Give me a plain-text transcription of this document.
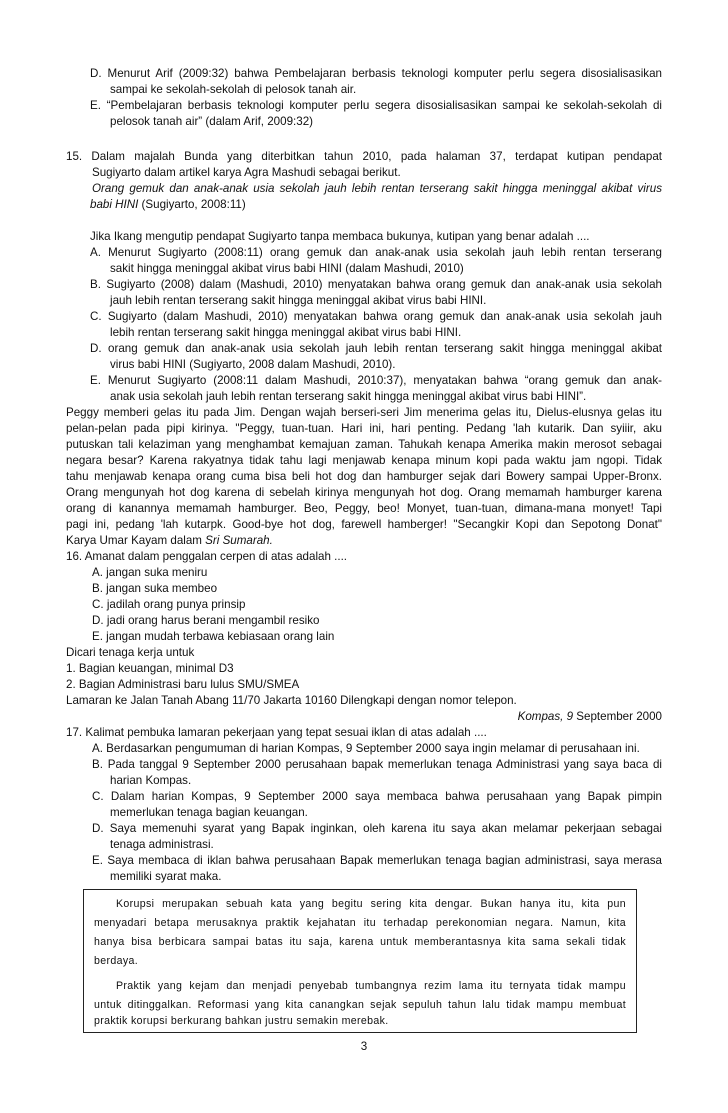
D. Menurut Arif (2009:32) bahwa Pembelajaran berbasis teknologi komputer perlu segera disosialisasikan
sampai ke sekolah-sekolah di pelosok tanah air.
E. “Pembelajaran berbasis teknologi komputer perlu segera disosialisasikan sampai ke sekolah-sekolah di
pelosok tanah air” (dalam Arif, 2009:32)
15. Dalam majalah Bunda yang diterbitkan tahun 2010, pada halaman 37, terdapat kutipan pendapat
Sugiyarto dalam artikel karya Agra Mashudi sebagai berikut.
Orang gemuk dan anak-anak usia sekolah jauh lebih rentan terserang sakit hingga meninggal akibat virus
babi HINI (Sugiyarto, 2008:11)
Jika Ikang mengutip pendapat Sugiyarto tanpa membaca bukunya, kutipan yang benar adalah ....
A. Menurut Sugiyarto (2008:11) orang gemuk dan anak-anak usia sekolah jauh lebih rentan terserang
sakit hingga meninggal akibat virus babi HINI (dalam Mashudi, 2010)
B. Sugiyarto (2008) dalam (Mashudi, 2010) menyatakan bahwa orang gemuk dan anak-anak usia sekolah
jauh lebih rentan terserang sakit hingga meninggal akibat virus babi HINI.
C. Sugiyarto (dalam Mashudi, 2010) menyatakan bahwa orang gemuk dan anak-anak usia sekolah jauh
lebih rentan terserang sakit hingga meninggal akibat virus babi HINI.
D. orang gemuk dan anak-anak usia sekolah jauh lebih rentan terserang sakit hingga meninggal akibat
virus babi HINI (Sugiyarto, 2008 dalam Mashudi, 2010).
E. Menurut Sugiyarto (2008:11 dalam Mashudi, 2010:37), menyatakan bahwa “orang gemuk dan anak-
anak usia sekolah jauh lebih rentan terserang sakit hingga meninggal akibat virus babi HINI”.
Peggy memberi gelas itu pada Jim. Dengan wajah berseri-seri Jim menerima gelas itu, Dielus-elusnya gelas itu
pelan-pelan pada pipi kirinya. "Peggy, tuan-tuan. Hari ini, hari penting. Pedang 'lah kutarik. Dan syiiir, aku
putuskan tali kelaziman yang menghambat kemajuan zaman. Tahukah kenapa Amerika makin merosot sebagai
negara besar? Karena rakyatnya tidak tahu lagi menjawab kenapa minum kopi pada waktu jam ngopi. Tidak
tahu menjawab kenapa orang cuma bisa beli hot dog dan hamburger sejak dari Bowery sampai Upper-Bronx.
Orang mengunyah hot dog karena di sebelah kirinya mengunyah hot dog. Orang memamah hamburger karena
orang di kanannya memamah hamburger. Beo, Peggy, beo! Monyet, tuan-tuan, dimana-mana monyet! Tapi
pagi ini, pedang 'lah kutarpk. Good-bye hot dog, farewell hamberger! "Secangkir Kopi dan Sepotong Donat"
Karya Umar Kayam dalam Sri Sumarah.
16. Amanat dalam penggalan cerpen di atas adalah ....
A. jangan suka meniru
B. jangan suka membeo
C. jadilah orang punya prinsip
D. jadi orang harus berani mengambil resiko
E. jangan mudah terbawa kebiasaan orang lain
Dicari tenaga kerja untuk
1. Bagian keuangan, minimal D3
2. Bagian Administrasi baru lulus SMU/SMEA
Lamaran ke Jalan Tanah Abang 11/70 Jakarta 10160 Dilengkapi dengan nomor telepon.
Kompas, 9 September 2000
17. Kalimat pembuka lamaran pekerjaan yang tepat sesuai iklan di atas adalah ....
A. Berdasarkan pengumuman di harian Kompas, 9 September 2000 saya ingin melamar di perusahaan ini.
B. Pada tanggal 9 September 2000 perusahaan bapak memerlukan tenaga Administrasi yang saya baca di
harian Kompas.
C. Dalam harian Kompas, 9 September 2000 saya membaca bahwa perusahaan yang Bapak pimpin
memerlukan tenaga bagian keuangan.
D. Saya memenuhi syarat yang Bapak inginkan, oleh karena itu saya akan melamar pekerjaan sebagai
tenaga administrasi.
E. Saya membaca di iklan bahwa perusahaan Bapak memerlukan tenaga bagian administrasi, saya merasa
memiliki syarat maka.
Korupsi merupakan sebuah kata yang begitu sering kita dengar. Bukan hanya itu, kita pun
menyadari betapa merusaknya praktik kejahatan itu terhadap perekonomian negara. Namun, kita
hanya bisa berbicara sampai batas itu saja, karena untuk memberantasnya kita sama sekali tidak
berdaya.
Praktik yang kejam dan menjadi penyebab tumbangnya rezim lama itu ternyata tidak mampu
untuk ditinggalkan. Reformasi yang kita canangkan sejak sepuluh tahun lalu tidak mampu membuat
praktik korupsi berkurang bahkan justru semakin merebak.
3
